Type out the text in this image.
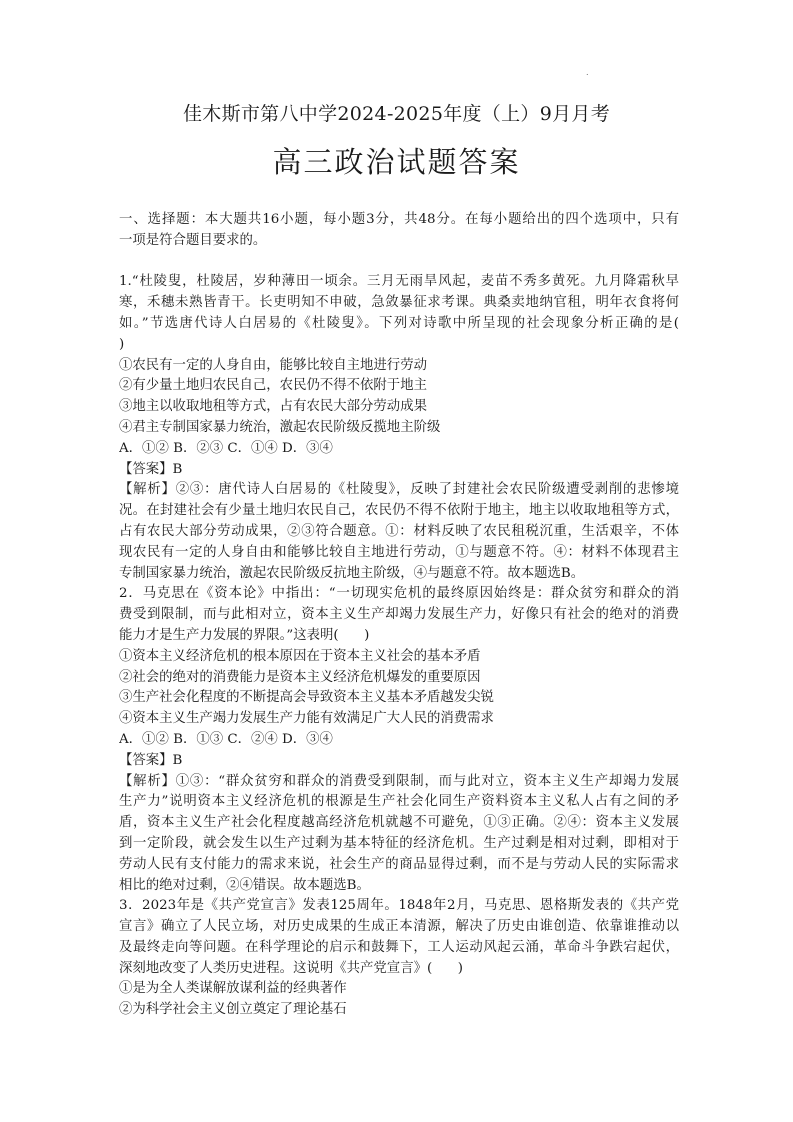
.
佳木斯市第八中学2024-2025年度（上）9月月考
高三政治试题答案
一、选择题：本大题共16小题，每小题3分，共48分。在每小题给出的四个选项中，只有
一项是符合题目要求的。
1.“杜陵叟，杜陵居，岁种薄田一顷余。三月无雨旱风起，麦苗不秀多黄死。九月降霜秋早
寒，禾穗未熟皆青干。长吏明知不申破，急敛暴征求考课。典桑卖地纳官租，明年衣食将何
如。”节选唐代诗人白居易的《杜陵叟》。下列对诗歌中所呈现的社会现象分析正确的是(
)
①农民有一定的人身自由，能够比较自主地进行劳动
②有少量土地归农民自己，农民仍不得不依附于地主
③地主以收取地租等方式，占有农民大部分劳动成果
④君主专制国家暴力统治，激起农民阶级反揽地主阶级
A．①② B．②③ C．①④ D．③④
【答案】B
【解析】②③：唐代诗人白居易的《杜陵叟》，反映了封建社会农民阶级遭受剥削的悲惨境
况。在封建社会有少量土地归农民自己，农民仍不得不依附于地主，地主以收取地租等方式，
占有农民大部分劳动成果，②③符合题意。①：材料反映了农民租税沉重，生活艰辛，不体
现农民有一定的人身自由和能够比较自主地进行劳动，①与题意不符。④：材料不体现君主
专制国家暴力统治，激起农民阶级反抗地主阶级，④与题意不符。故本题选B。
2．马克思在《资本论》中指出：“一切现实危机的最终原因始终是：群众贫穷和群众的消
费受到限制，而与此相对立，资本主义生产却竭力发展生产力，好像只有社会的绝对的消费
能力才是生产力发展的界限。”这表明(      )
①资本主义经济危机的根本原因在于资本主义社会的基本矛盾
②社会的绝对的消费能力是资本主义经济危机爆发的重要原因
③生产社会化程度的不断提高会导致资本主义基本矛盾越发尖锐
④资本主义生产竭力发展生产力能有效满足广大人民的消费需求
A．①② B．①③ C．②④ D．③④
【答案】B
【解析】①③：“群众贫穷和群众的消费受到限制，而与此对立，资本主义生产却竭力发展
生产力”说明资本主义经济危机的根源是生产社会化同生产资料资本主义私人占有之间的矛
盾，资本主义生产社会化程度越高经济危机就越不可避免，①③正确。②④：资本主义发展
到一定阶段，就会发生以生产过剩为基本特征的经济危机。生产过剩是相对过剩，即相对于
劳动人民有支付能力的需求来说，社会生产的商品显得过剩，而不是与劳动人民的实际需求
相比的绝对过剩，②④错误。故本题选B。
3．2023年是《共产党宣言》发表125周年。1848年2月，马克思、恩格斯发表的《共产党
宣言》确立了人民立场，对历史成果的生成正本清源，解决了历史由谁创造、依靠谁推动以
及最终走向等问题。在科学理论的启示和鼓舞下，工人运动风起云涌，革命斗争跌宕起伏，
深刻地改变了人类历史进程。这说明《共产党宣言》(      )
①是为全人类谋解放谋利益的经典著作
②为科学社会主义创立奠定了理论基石
